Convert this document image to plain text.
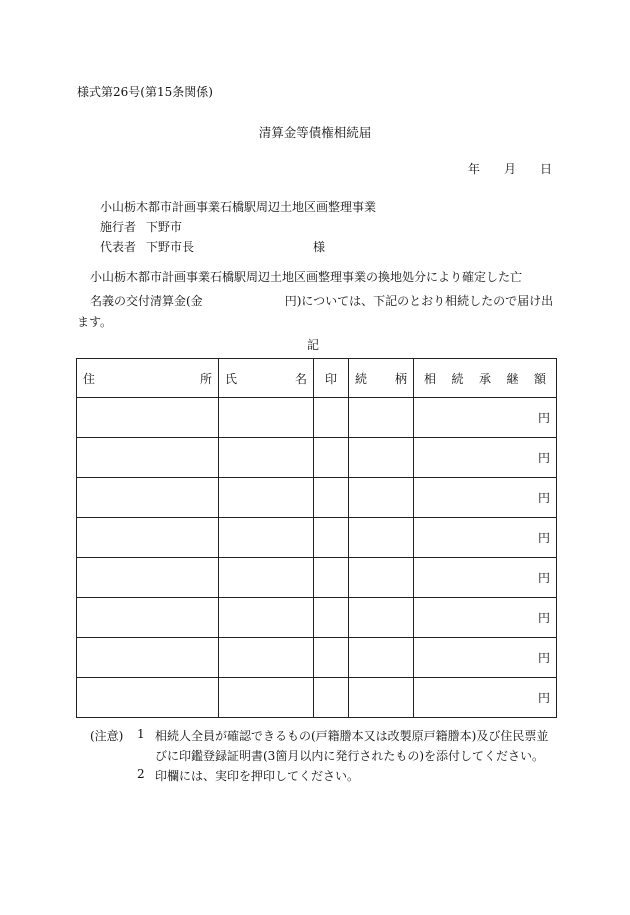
様式第26号(第15条関係)
清算金等債権相続届
年 月 日
小山栃木都市計画事業石橋駅周辺土地区画整理事業
施行者 下野市
代表者 下野市長	様
小山栃木都市計画事業石橋駅周辺土地区画整理事業の換地処分により確定した亡
名義の交付清算金(金	円)については、下記のとおり相続したので届け出
ます。
記
住 所	氏 名	印	続 柄	相 続 承 継 額

				円
				円
				円
				円
				円
				円
				円
				円
(注意) 1 相続人全員が確認できるもの(戸籍謄本又は改製原戸籍謄本)及び住民票並
びに印鑑登録証明書(3箇月以内に発行されたもの)を添付してください。
2 印欄には、実印を押印してください。
